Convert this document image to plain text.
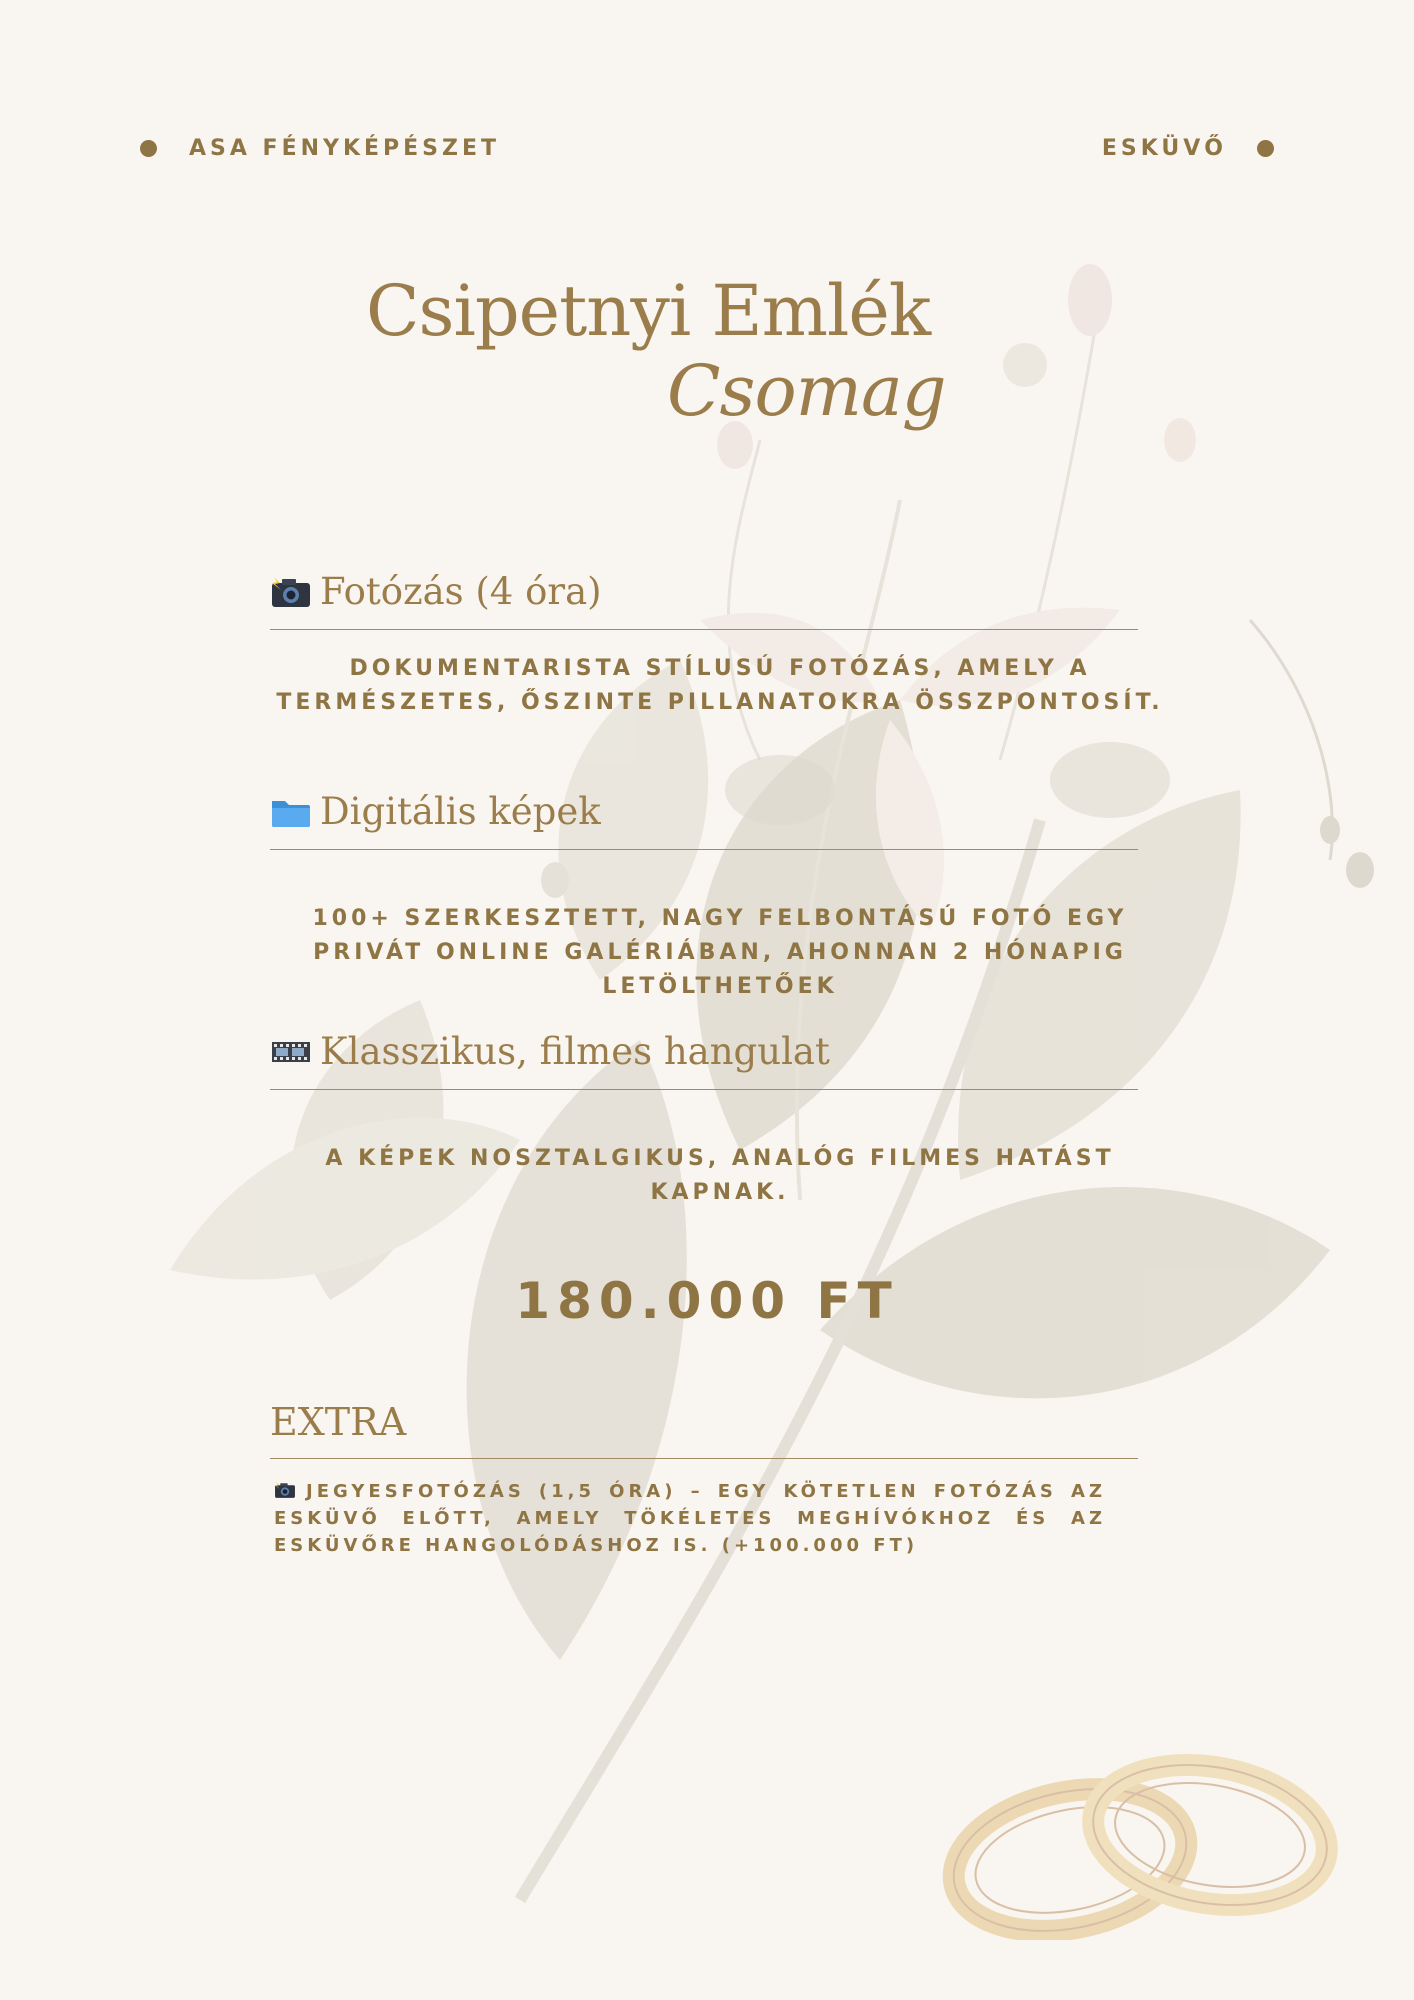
ASA FÉNYKÉPÉSZET	ESKÜVŐ
Csipetnyi Emlék
Csomag
Fotózás (4 óra)
DOKUMENTARISTA STÍLUSÚ FOTÓZÁS, AMELY A TERMÉSZETES, ŐSZINTE PILLANATOKRA ÖSSZPONTOSÍT.
Digitális képek
100+ SZERKESZTETT, NAGY FELBONTÁSÚ FOTÓ EGY PRIVÁT ONLINE GALÉRIÁBAN, AHONNAN 2 HÓNAPIG LETÖLTHETŐEK
Klasszikus, filmes hangulat
A KÉPEK NOSZTALGIKUS, ANALÓG FILMES HATÁST KAPNAK.
180.000 FT
EXTRA
JEGYESFOTÓZÁS (1,5 ÓRA) – EGY KÖTETLEN FOTÓZÁS AZ ESKÜVŐ ELŐTT, AMELY TÖKÉLETES MEGHÍVÓKHOZ ÉS AZ ESKÜVŐRE HANGOLÓDÁSHOZ IS. (+100.000 FT)
